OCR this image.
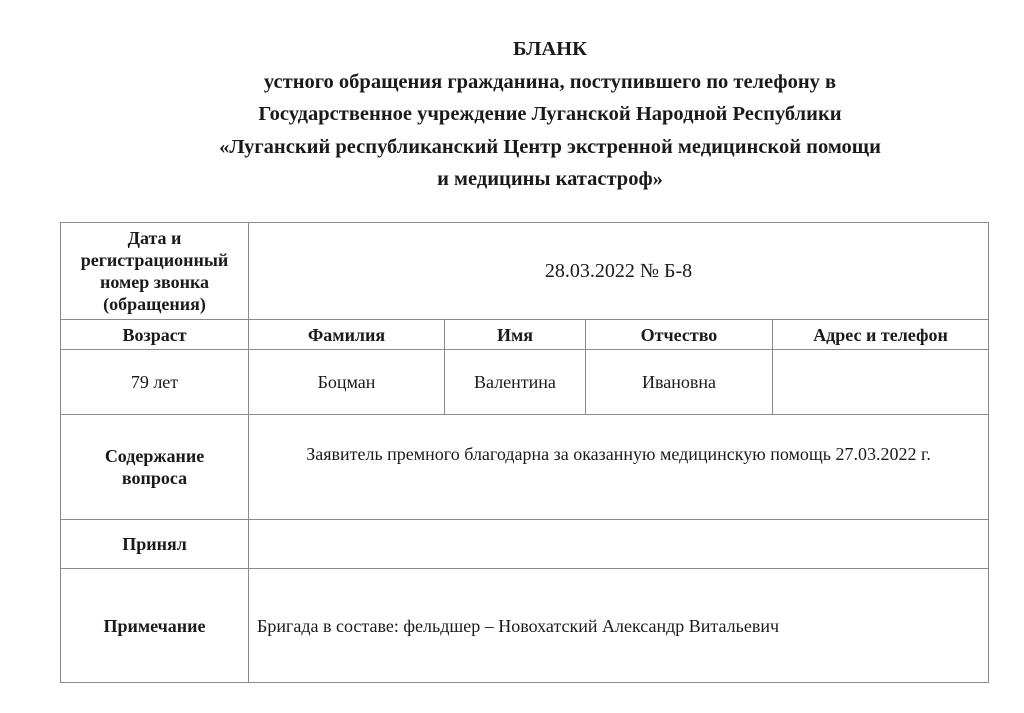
БЛАНК
устного обращения гражданина, поступившего по телефону в
Государственное учреждение Луганской Народной Республики
«Луганский республиканский Центр экстренной медицинской помощи
и медицины катастроф»
Дата и регистрационный номер звонка (обращения)	28.03.2022 № Б-8			

Возраст	Фамилия	Имя	Отчество	Адрес и телефон
79 лет	Боцман	Валентина	Ивановна	

Содержание вопроса	Заявитель премного благодарна за оказанную медицинскую помощь 27.03.2022 г.			

Принял				
Примечание	Бригада в составе: фельдшер – Новохатский Александр Витальевич			
